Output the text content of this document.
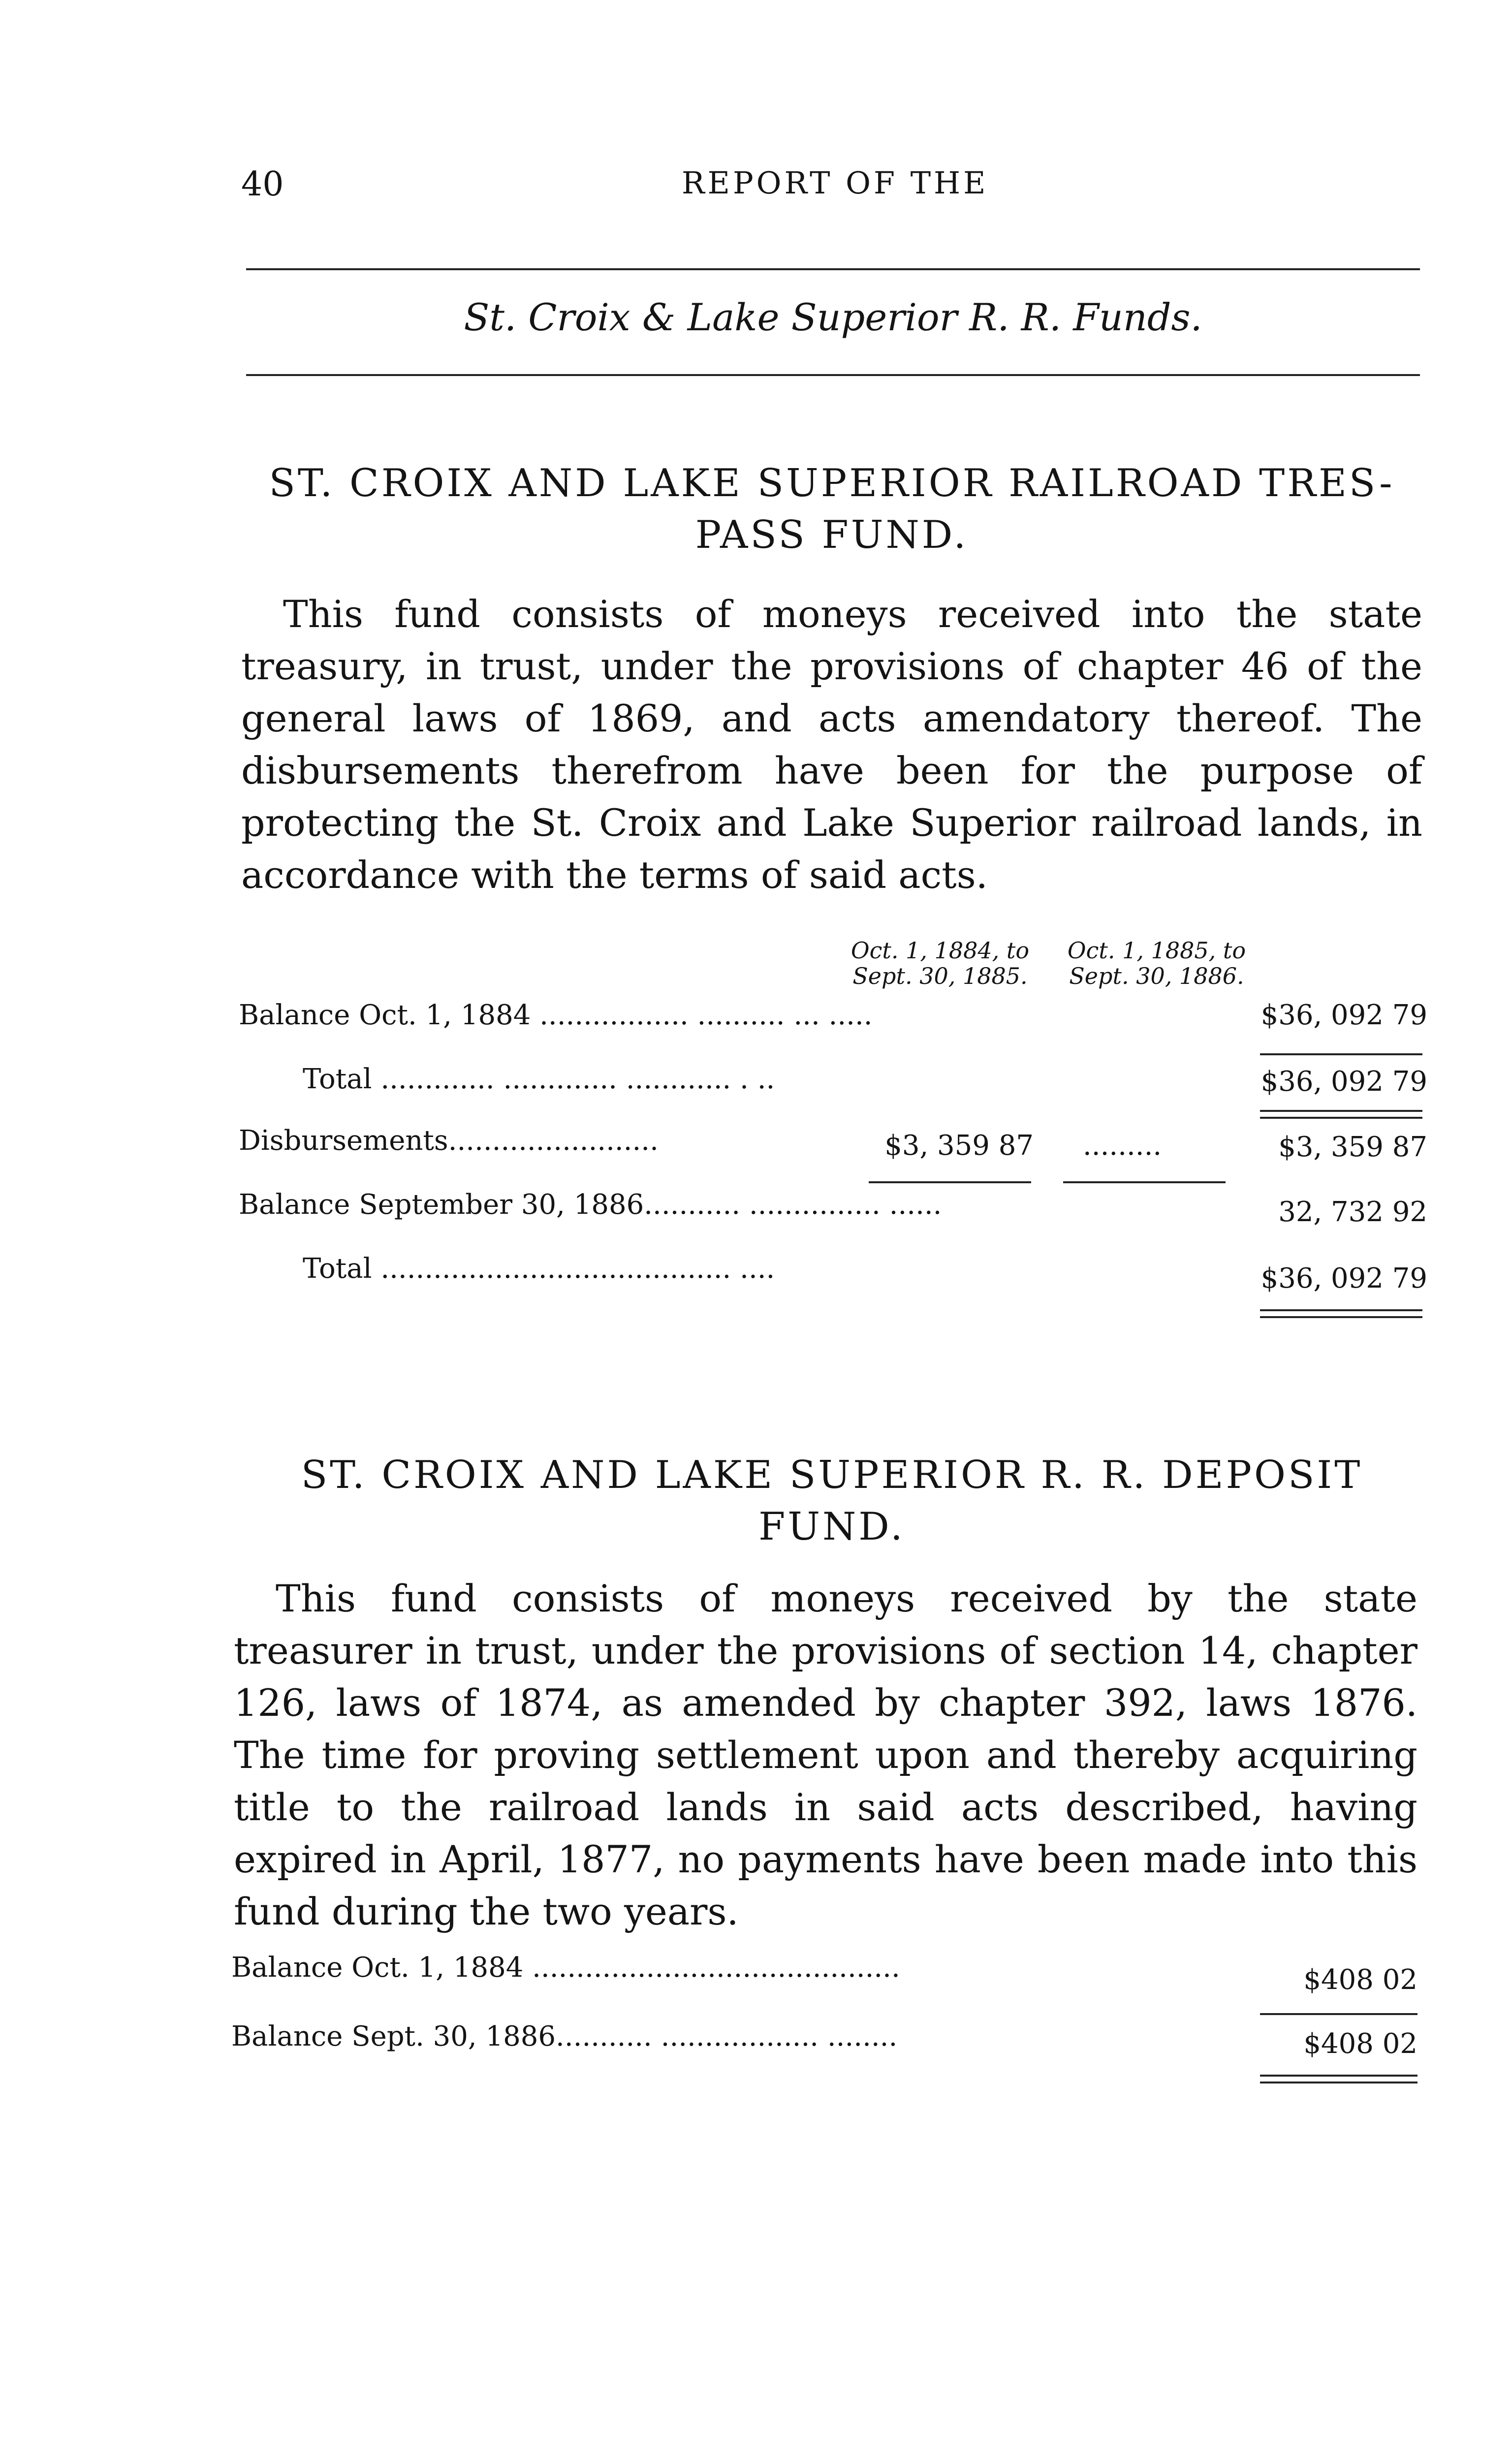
40	REPORT OF THE
St. Croix & Lake Superior R. R. Funds.
ST. CROIX AND LAKE SUPERIOR RAILROAD TRES-
PASS FUND.
This fund consists of moneys received into the state treasury, in trust, under the provisions of chapter 46 of the general laws of 1869, and acts amendatory thereof. The disbursements therefrom have been for the purpose of protecting the St. Croix and Lake Superior railroad lands, in accordance with the terms of said acts.
Oct. 1, 1884, to
Sept. 30, 1885.
Oct. 1, 1885, to
Sept. 30, 1886.
Balance Oct. 1, 1884 ................. .......... ... .....	$36, 092 79
Total ............. ............. ............ . ..	$36, 092 79
Disbursements........................	$3, 359 87 .........	$3, 359 87
Balance September 30, 1886........... ............... ......	32, 732 92
Total ........................................ ....	$36, 092 79
ST. CROIX AND LAKE SUPERIOR R. R. DEPOSIT
FUND.
This fund consists of moneys received by the state treasurer in trust, under the provisions of section 14, chapter 126, laws of 1874, as amended by chapter 392, laws 1876. The time for proving settlement upon and thereby acquiring title to the railroad lands in said acts described, having expired in April, 1877, no payments have been made into this fund during the two years.
Balance Oct. 1, 1884 ..........................................	$408 02
Balance Sept. 30, 1886........... .................. ........	$408 02
